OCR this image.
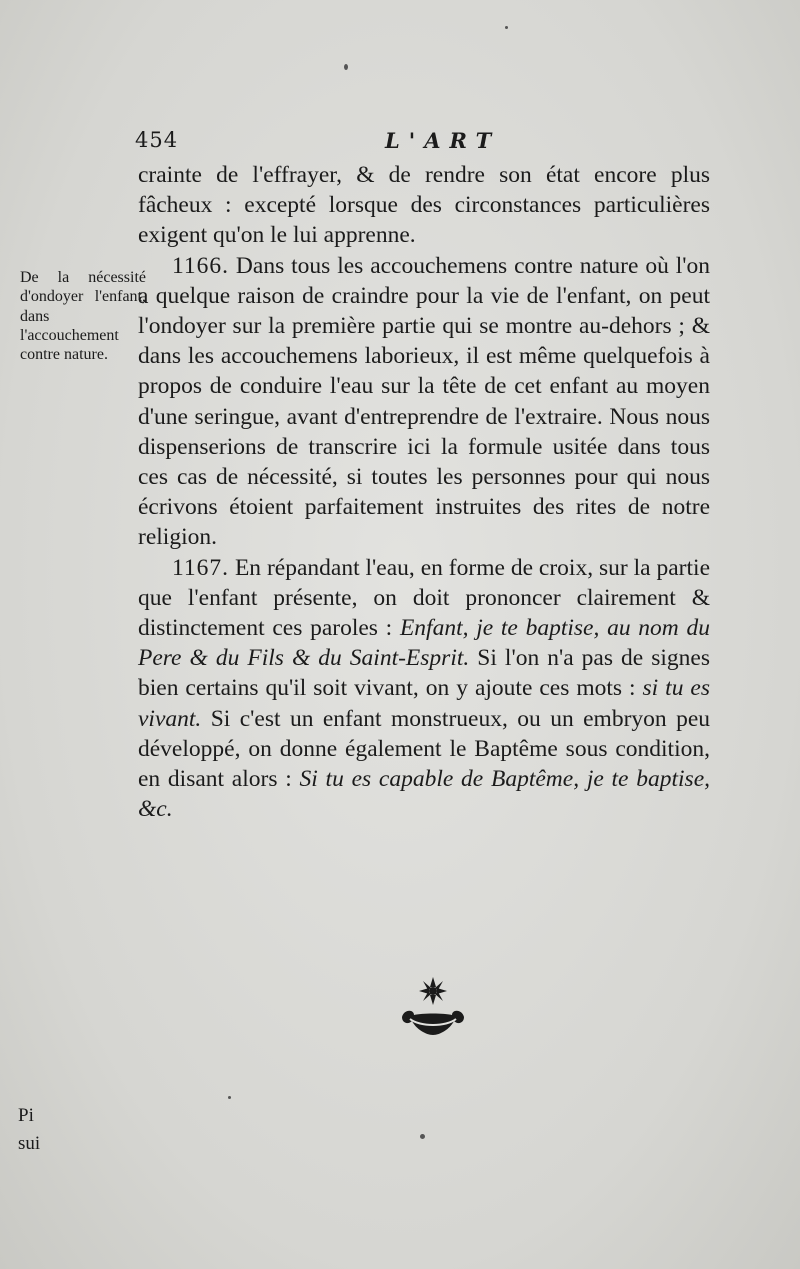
454	L'ART
De la nécessité d'ondoyer l'enfant, dans l'accouchement contre nature.

crainte de l'effrayer, & de rendre son état encore plus fâcheux : excepté lorsque des circonstances particulières exigent qu'on le lui apprenne.

1166. Dans tous les accouchemens contre nature où l'on a quelque raison de craindre pour la vie de l'enfant, on peut l'ondoyer sur la première partie qui se montre au-dehors ; & dans les accouchemens laborieux, il est même quelquefois à propos de conduire l'eau sur la tête de cet enfant au moyen d'une seringue, avant d'entreprendre de l'extraire. Nous nous dispenserions de transcrire ici la formule usitée dans tous ces cas de nécessité, si toutes les personnes pour qui nous écrivons étoient parfaitement instruites des rites de notre religion.

1167. En répandant l'eau, en forme de croix, sur la partie que l'enfant présente, on doit prononcer clairement & distinctement ces paroles : Enfant, je te baptise, au nom du Pere & du Fils & du Saint-Esprit. Si l'on n'a pas de signes bien certains qu'il soit vivant, on y ajoute ces mots : si tu es vivant. Si c'est un enfant monstrueux, ou un embryon peu développé, on donne également le Baptême sous condition, en disant alors : Si tu es capable de Baptême, je te baptise, &c.

Pi
sui
